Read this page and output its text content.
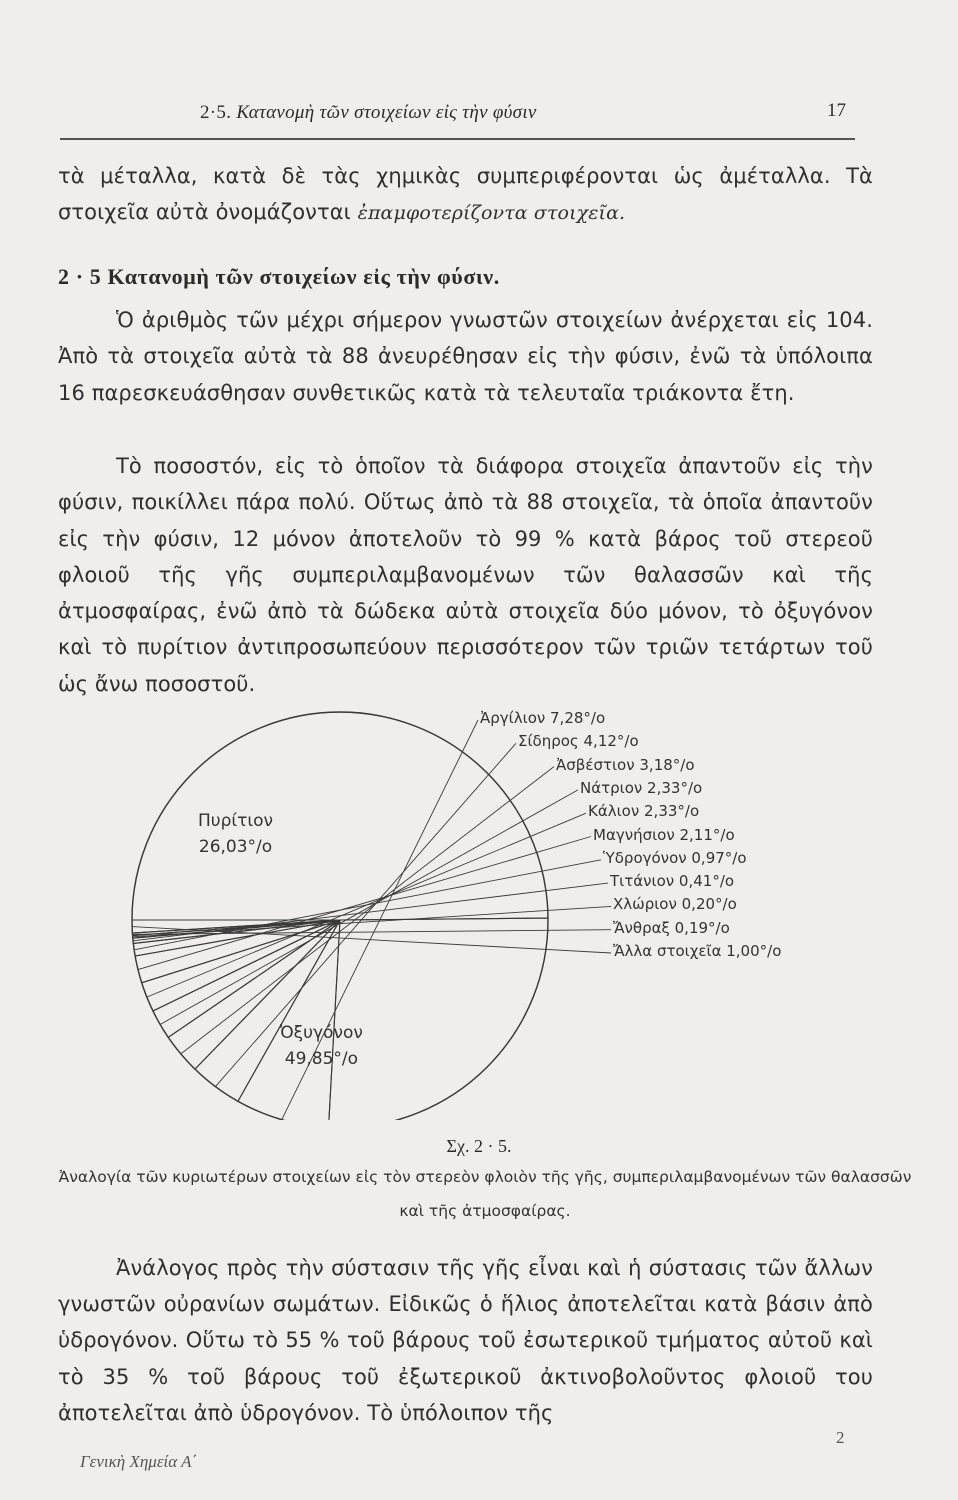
2·5. Κατανομὴ τῶν στοιχείων εἰς τὴν φύσιν	17
τὰ μέταλλα, κατὰ δὲ τὰς χημικὰς συμπεριφέρονται ὡς ἀμέταλλα. Τὰ στοιχεῖα αὐτὰ ὀνομάζονται ἐπαμφοτερίζοντα στοιχεῖα.
2 · 5 Κατανομὴ τῶν στοιχείων εἰς τὴν φύσιν.
Ὁ ἀριθμὸς τῶν μέχρι σήμερον γνωστῶν στοιχείων ἀνέρχεται εἰς 104. Ἀπὸ τὰ στοιχεῖα αὐτὰ τὰ 88 ἀνευρέθησαν εἰς τὴν φύσιν, ἐνῶ τὰ ὑπόλοιπα 16 παρεσκευάσθησαν συνθετικῶς κατὰ τὰ τελευταῖα τριάκοντα ἔτη.
Τὸ ποσοστόν, εἰς τὸ ὁποῖον τὰ διάφορα στοιχεῖα ἀπαντοῦν εἰς τὴν φύσιν, ποικίλλει πάρα πολύ. Οὕτως ἀπὸ τὰ 88 στοιχεῖα, τὰ ὁποῖα ἀπαντοῦν εἰς τὴν φύσιν, 12 μόνον ἀποτελοῦν τὸ 99 % κατὰ βάρος τοῦ στερεοῦ φλοιοῦ τῆς γῆς συμπεριλαμβανομένων τῶν θαλασσῶν καὶ τῆς ἀτμοσφαίρας, ἐνῶ ἀπὸ τὰ δώδεκα αὐτὰ στοιχεῖα δύο μόνον, τὸ ὀξυγόνον καὶ τὸ πυρίτιον ἀντιπροσωπεύουν περισσότερον τῶν τριῶν τετάρτων τοῦ ὡς ἄνω ποσοστοῦ.
Ἀργίλιον 7,28°/ο
Σίδηρος 4,12°/ο
Ἀσβέστιον 3,18°/ο
Νάτριον 2,33°/ο
Κάλιον 2,33°/ο
Μαγνήσιον 2,11°/ο
Ὑδρογόνον 0,97°/ο
Τιτάνιον 0,41°/ο
Χλώριον 0,20°/ο
Ἄνθραξ 0,19°/ο
Ἄλλα στοιχεῖα 1,00°/ο
Πυρίτιον
26,03°/ο
Ὀξυγόνον
49,85°/ο
Σχ. 2 · 5.
Ἀναλογία τῶν κυριωτέρων στοιχείων εἰς τὸν στερεὸν φλοιὸν τῆς γῆς, συμπεριλαμβανομένων τῶν θαλασσῶν καὶ τῆς ἀτμοσφαίρας.
Ἀνάλογος πρὸς τὴν σύστασιν τῆς γῆς εἶναι καὶ ἡ σύστασις τῶν ἄλλων γνωστῶν οὐρανίων σωμάτων. Εἰδικῶς ὁ ἥλιος ἀποτελεῖται κατὰ βάσιν ἀπὸ ὑδρογόνον. Οὕτω τὸ 55 % τοῦ βάρους τοῦ ἐσωτερικοῦ τμήματος αὐτοῦ καὶ τὸ 35 % τοῦ βάρους τοῦ ἐξωτερικοῦ ἀκτινοβολοῦντος φλοιοῦ του ἀποτελεῖται ἀπὸ ὑδρογόνον. Τὸ ὑπόλοιπον τῆς
Γενικὴ Χημεία Α΄
2
